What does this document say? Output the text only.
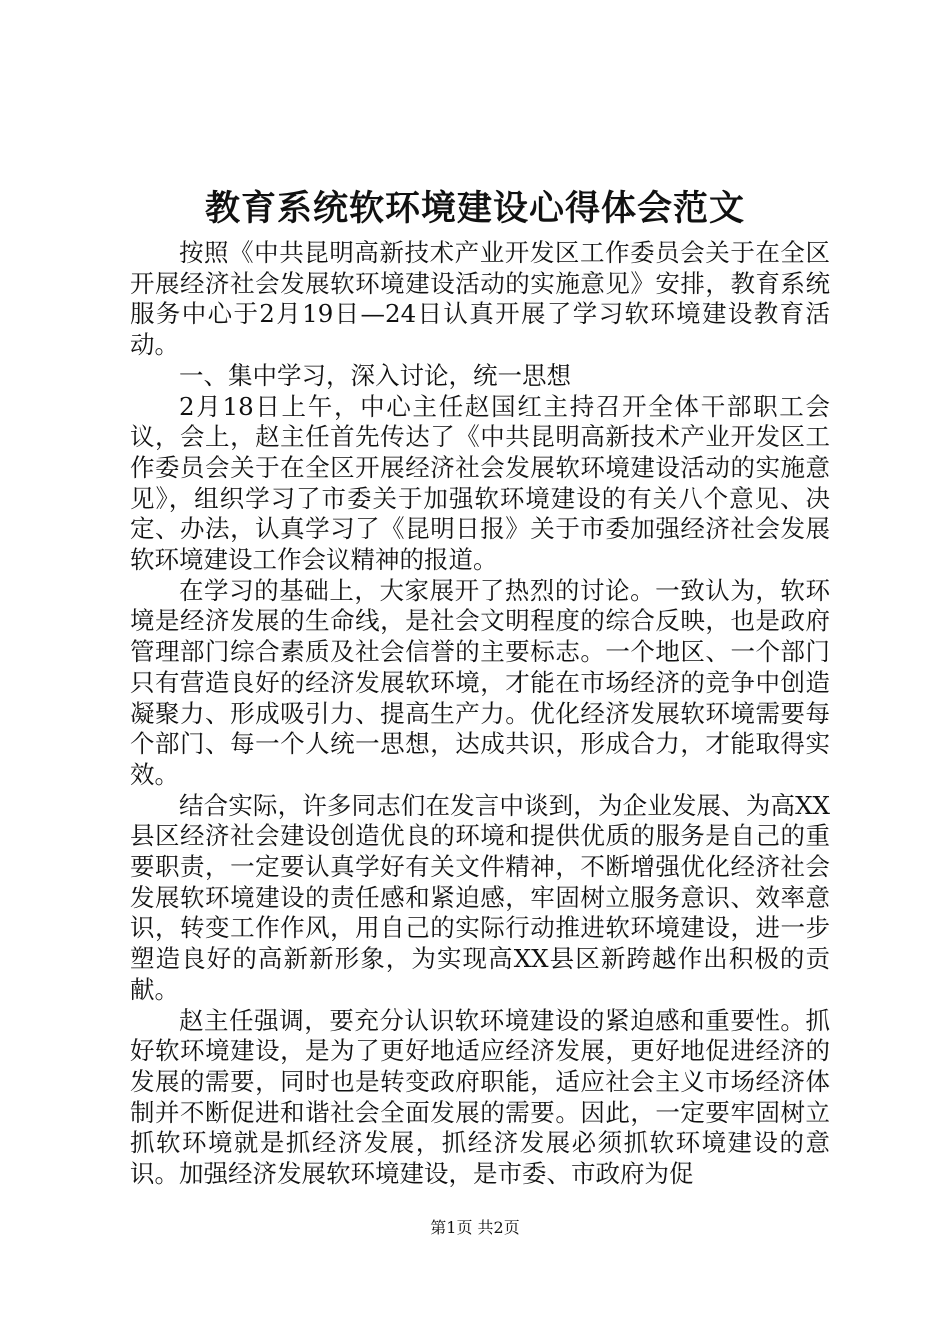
教育系统软环境建设心得体会范文

按照《中共昆明高新技术产业开发区工作委员会关于在全区开展经济社会发展软环境建设活动的实施意见》安排，教育系统服务中心于2月19日—24日认真开展了学习软环境建设教育活动。

一、集中学习，深入讨论，统一思想

2月18日上午，中心主任赵国红主持召开全体干部职工会议，会上，赵主任首先传达了《中共昆明高新技术产业开发区工作委员会关于在全区开展经济社会发展软环境建设活动的实施意见》，组织学习了市委关于加强软环境建设的有关八个意见、决定、办法，认真学习了《昆明日报》关于市委加强经济社会发展软环境建设工作会议精神的报道。

在学习的基础上，大家展开了热烈的讨论。一致认为，软环境是经济发展的生命线，是社会文明程度的综合反映，也是政府管理部门综合素质及社会信誉的主要标志。一个地区、一个部门只有营造良好的经济发展软环境，才能在市场经济的竞争中创造凝聚力、形成吸引力、提高生产力。优化经济发展软环境需要每个部门、每一个人统一思想，达成共识，形成合力，才能取得实效。

结合实际，许多同志们在发言中谈到，为企业发展、为高XX县区经济社会建设创造优良的环境和提供优质的服务是自己的重要职责，一定要认真学好有关文件精神，不断增强优化经济社会发展软环境建设的责任感和紧迫感，牢固树立服务意识、效率意识，转变工作作风，用自己的实际行动推进软环境建设，进一步塑造良好的高新新形象，为实现高XX县区新跨越作出积极的贡献。

赵主任强调，要充分认识软环境建设的紧迫感和重要性。抓好软环境建设，是为了更好地适应经济发展，更好地促进经济的发展的需要，同时也是转变政府职能，适应社会主义市场经济体制并不断促进和谐社会全面发展的需要。因此，一定要牢固树立抓软环境就是抓经济发展，抓经济发展必须抓软环境建设的意识。加强经济发展软环境建设，是市委、市政府为促

第1页 共2页
